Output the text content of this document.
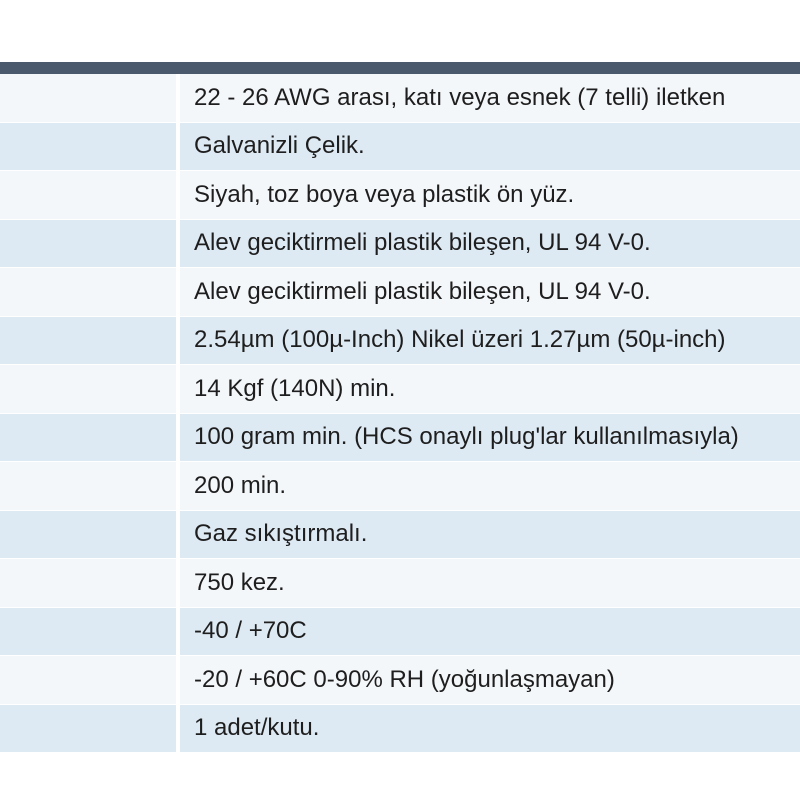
22 - 26 AWG arası, katı veya esnek (7 telli) iletken
Galvanizli Çelik.
Siyah, toz boya veya plastik ön yüz.
Alev geciktirmeli plastik bileşen, UL 94 V-0.
Alev geciktirmeli plastik bileşen, UL 94 V-0.
2.54µm (100µ-Inch) Nikel üzeri 1.27µm (50µ-inch)
14 Kgf (140N) min.
100 gram min. (HCS onaylı plug'lar kullanılmasıyla)
200 min.
Gaz sıkıştırmalı.
750 kez.
-40 / +70C
-20 / +60C 0-90% RH (yoğunlaşmayan)
1 adet/kutu.
